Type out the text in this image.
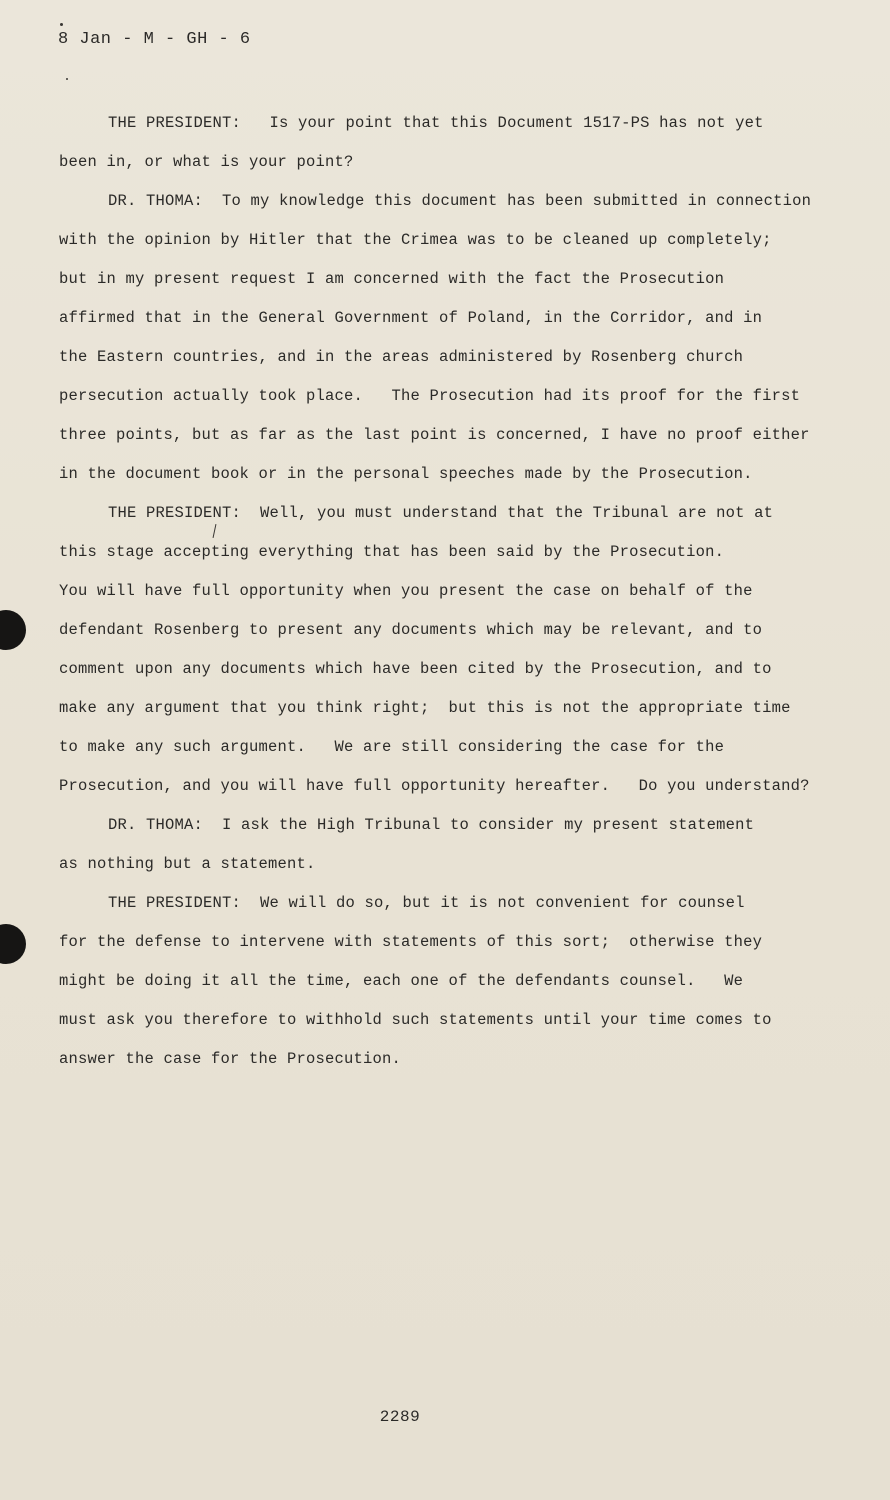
8 Jan - M - GH - 6
THE PRESIDENT:   Is your point that this Document 1517-PS has not yet
been in, or what is your point?
DR. THOMA:  To my knowledge this document has been submitted in connection
with the opinion by Hitler that the Crimea was to be cleaned up completely;
but in my present request I am concerned with the fact the Prosecution
affirmed that in the General Government of Poland, in the Corridor, and in
the Eastern countries, and in the areas administered by Rosenberg church
persecution actually took place.   The Prosecution had its proof for the first
three points, but as far as the last point is concerned, I have no proof either
in the document book or in the personal speeches made by the Prosecution.
THE PRESIDENT:  Well, you must understand that the Tribunal are not at
this stage accepting everything that has been said by the Prosecution.
You will have full opportunity when you present the case on behalf of the
defendant Rosenberg to present any documents which may be relevant, and to
comment upon any documents which have been cited by the Prosecution, and to
make any argument that you think right;  but this is not the appropriate time
to make any such argument.   We are still considering the case for the
Prosecution, and you will have full opportunity hereafter.   Do you understand?
DR. THOMA:  I ask the High Tribunal to consider my present statement
as nothing but a statement.
THE PRESIDENT:  We will do so, but it is not convenient for counsel
for the defense to intervene with statements of this sort;  otherwise they
might be doing it all the time, each one of the defendants counsel.   We
must ask you therefore to withhold such statements until your time comes to
answer the case for the Prosecution.
2289
